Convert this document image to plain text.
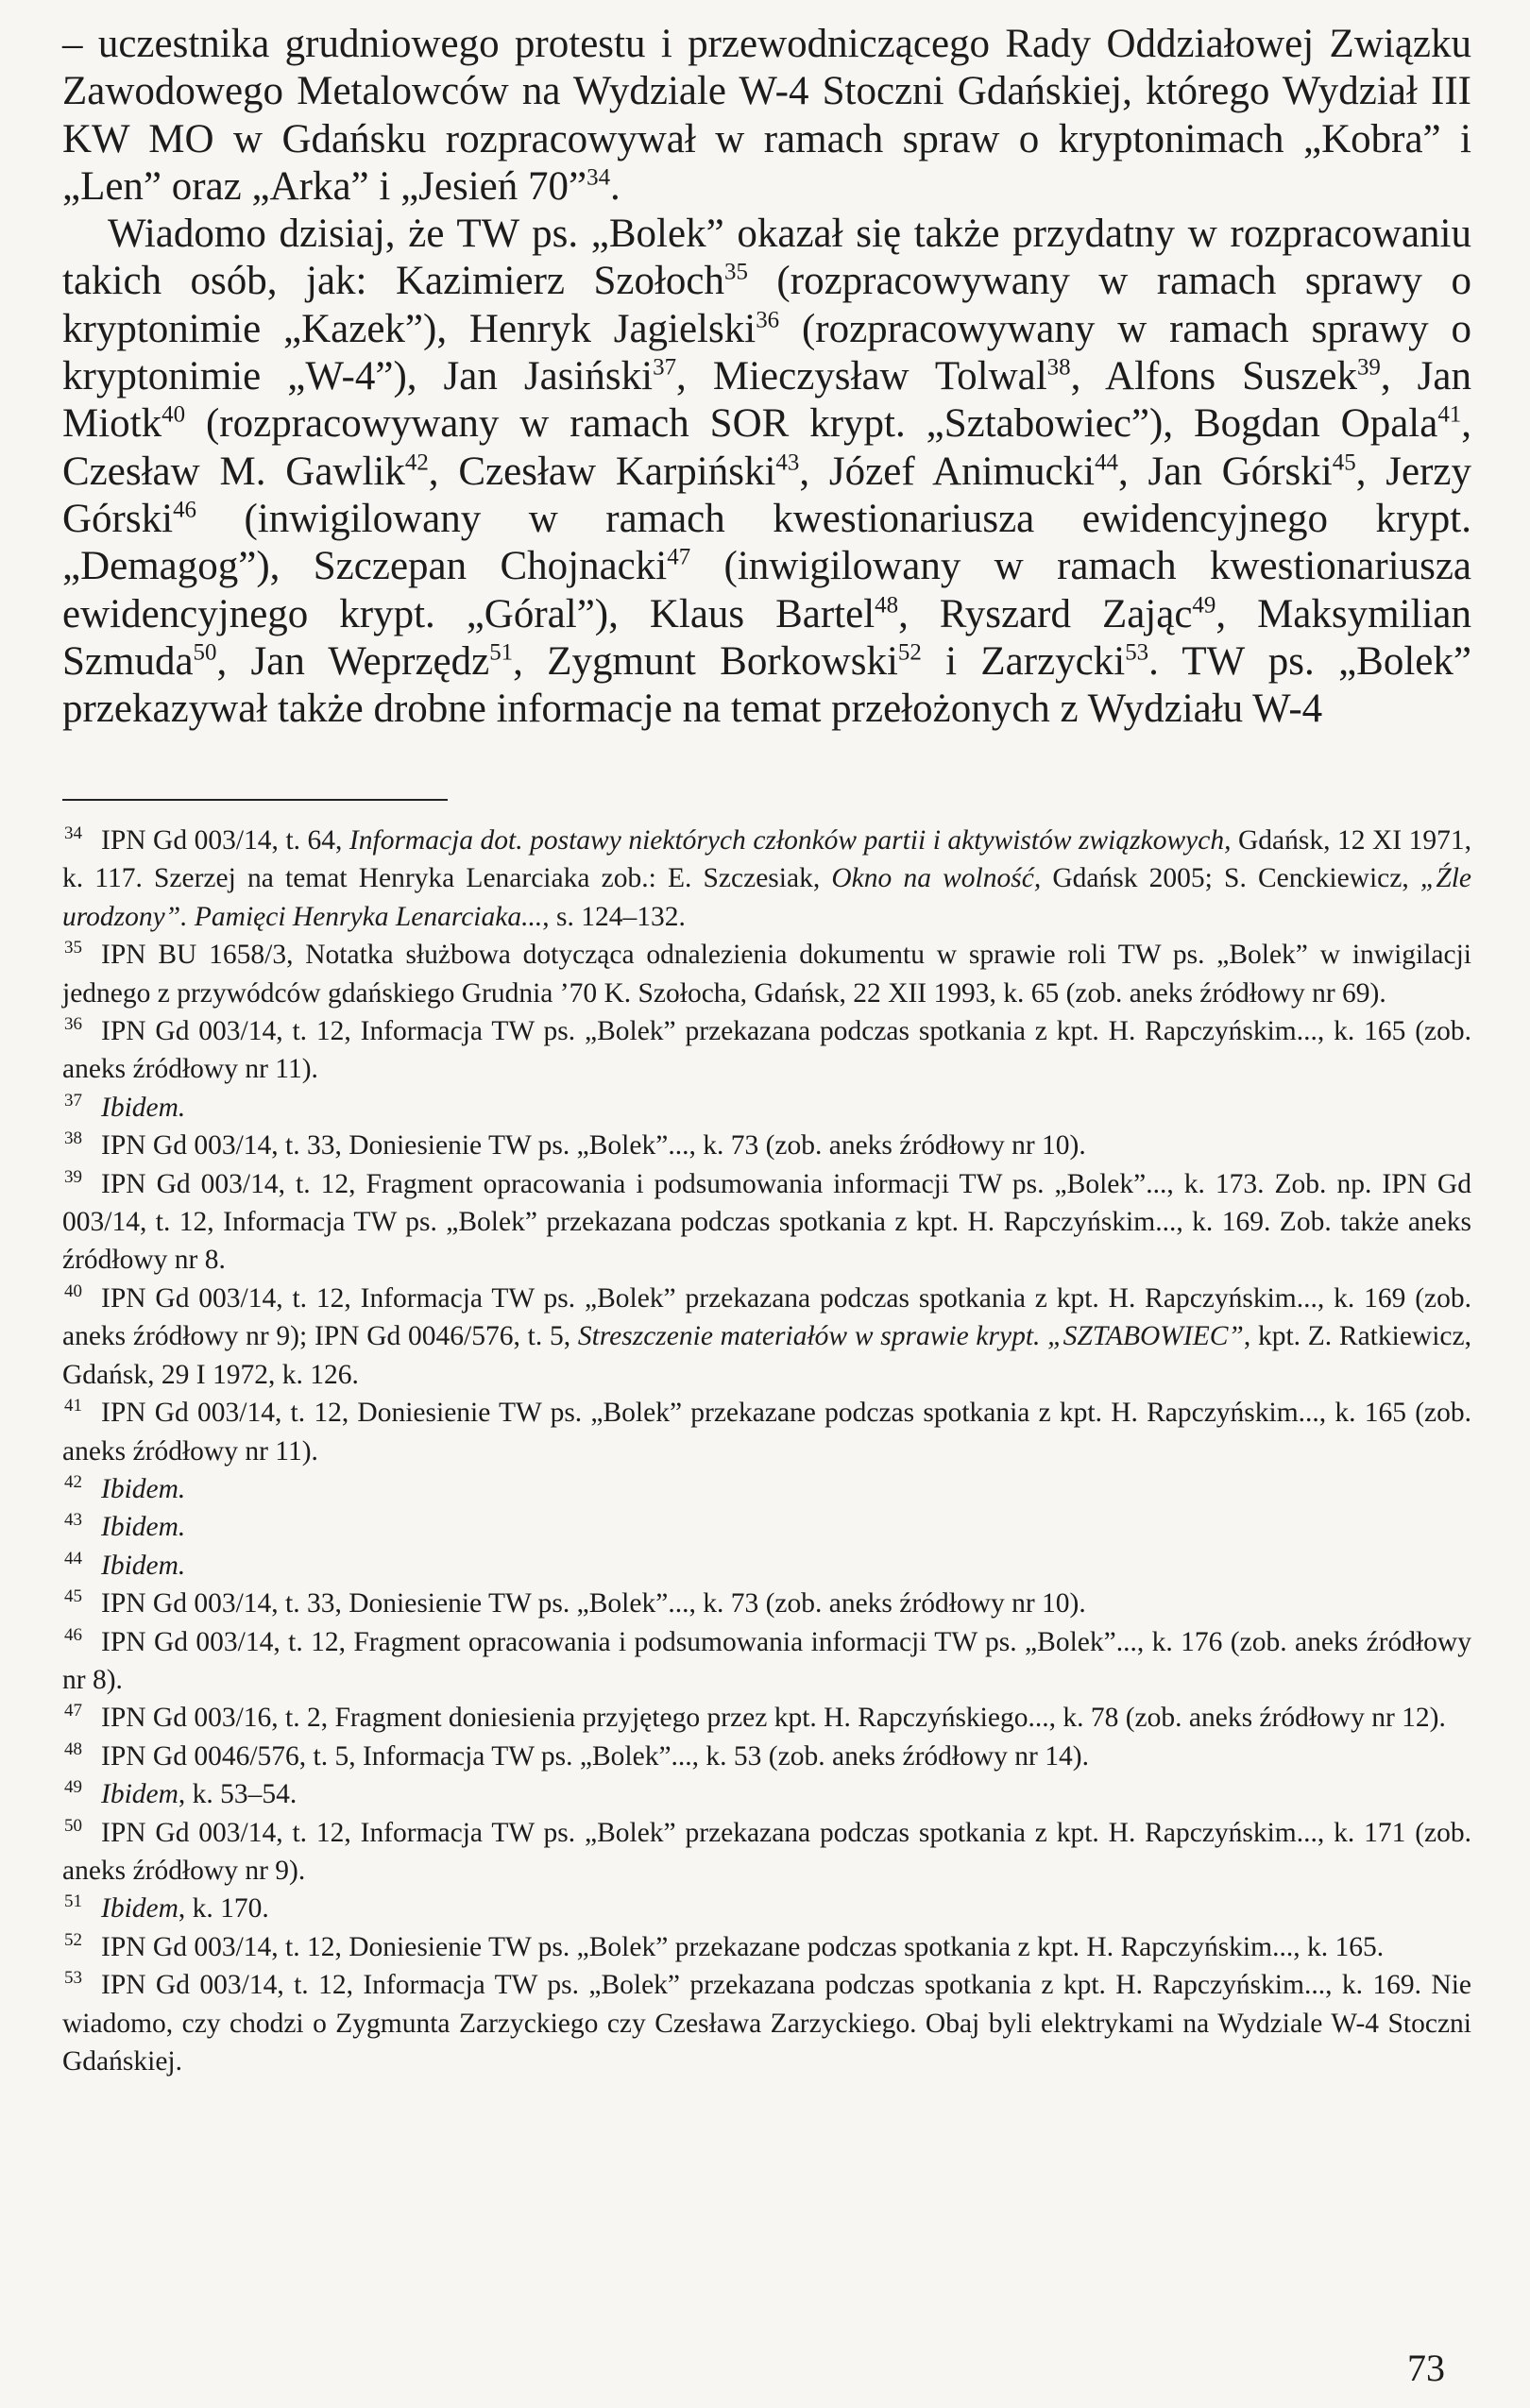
– uczestnika grudniowego protestu i przewodniczącego Rady Oddziałowej Związku Zawodowego Metalowców na Wydziale W-4 Stoczni Gdańskiej, którego Wydział III KW MO w Gdańsku rozpracowywał w ramach spraw o kryptonimach „Kobra” i „Len” oraz „Arka” i „Jesień 70”$^{34}$.

Wiadomo dzisiaj, że TW ps. „Bolek” okazał się także przydatny w rozpracowaniu takich osób, jak: Kazimierz Szołoch$^{35}$ (rozpracowywany w ramach sprawy o kryptonimie „Kazek”), Henryk Jagielski$^{36}$ (rozpracowywany w ramach sprawy o kryptonimie „W-4”), Jan Jasiński$^{37}$, Mieczysław Tolwal$^{38}$, Alfons Suszek$^{39}$, Jan Miotk$^{40}$ (rozpracowywany w ramach SOR krypt. „Sztabowiec”), Bogdan Opala$^{41}$, Czesław M. Gawlik$^{42}$, Czesław Karpiński$^{43}$, Józef Animucki$^{44}$, Jan Górski$^{45}$, Jerzy Górski$^{46}$ (inwigilowany w ramach kwestionariusza ewidencyjnego krypt. „Demagog”), Szczepan Chojnacki$^{47}$ (inwigilowany w ramach kwestionariusza ewidencyjnego krypt. „Góral”), Klaus Bartel$^{48}$, Ryszard Zając$^{49}$, Maksymilian Szmuda$^{50}$, Jan Weprzędz$^{51}$, Zygmunt Borkowski$^{52}$ i Zarzycki$^{53}$. TW ps. „Bolek” przekazywał także drobne informacje na temat przełożonych z Wydziału W-4

34 IPN Gd 003/14, t. 64, Informacja dot. postawy niektórych członków partii i aktywistów związkowych, Gdańsk, 12 XI 1971, k. 117. Szerzej na temat Henryka Lenarciaka zob.: E. Szczesiak, Okno na wolność, Gdańsk 2005; S. Cenckiewicz, „Źle urodzony”. Pamięci Henryka Lenarciaka..., s. 124–132.

35 IPN BU 1658/3, Notatka służbowa dotycząca odnalezienia dokumentu w sprawie roli TW ps. „Bolek” w inwigilacji jednego z przywódców gdańskiego Grudnia ’70 K. Szołocha, Gdańsk, 22 XII 1993, k. 65 (zob. aneks źródłowy nr 69).

36 IPN Gd 003/14, t. 12, Informacja TW ps. „Bolek” przekazana podczas spotkania z kpt. H. Rapczyńskim..., k. 165 (zob. aneks źródłowy nr 11).

37 Ibidem.

38 IPN Gd 003/14, t. 33, Doniesienie TW ps. „Bolek”..., k. 73 (zob. aneks źródłowy nr 10).

39 IPN Gd 003/14, t. 12, Fragment opracowania i podsumowania informacji TW ps. „Bolek”..., k. 173. Zob. np. IPN Gd 003/14, t. 12, Informacja TW ps. „Bolek” przekazana podczas spotkania z kpt. H. Rapczyńskim..., k. 169. Zob. także aneks źródłowy nr 8.

40 IPN Gd 003/14, t. 12, Informacja TW ps. „Bolek” przekazana podczas spotkania z kpt. H. Rapczyńskim..., k. 169 (zob. aneks źródłowy nr 9); IPN Gd 0046/576, t. 5, Streszczenie materiałów w sprawie krypt. „SZTABOWIEC”, kpt. Z. Ratkiewicz, Gdańsk, 29 I 1972, k. 126.

41 IPN Gd 003/14, t. 12, Doniesienie TW ps. „Bolek” przekazane podczas spotkania z kpt. H. Rapczyńskim..., k. 165 (zob. aneks źródłowy nr 11).

42 Ibidem.

43 Ibidem.

44 Ibidem.

45 IPN Gd 003/14, t. 33, Doniesienie TW ps. „Bolek”..., k. 73 (zob. aneks źródłowy nr 10).

46 IPN Gd 003/14, t. 12, Fragment opracowania i podsumowania informacji TW ps. „Bolek”..., k. 176 (zob. aneks źródłowy nr 8).

47 IPN Gd 003/16, t. 2, Fragment doniesienia przyjętego przez kpt. H. Rapczyńskiego..., k. 78 (zob. aneks źródłowy nr 12).

48 IPN Gd 0046/576, t. 5, Informacja TW ps. „Bolek”..., k. 53 (zob. aneks źródłowy nr 14).

49 Ibidem, k. 53–54.

50 IPN Gd 003/14, t. 12, Informacja TW ps. „Bolek” przekazana podczas spotkania z kpt. H. Rapczyńskim..., k. 171 (zob. aneks źródłowy nr 9).

51 Ibidem, k. 170.

52 IPN Gd 003/14, t. 12, Doniesienie TW ps. „Bolek” przekazane podczas spotkania z kpt. H. Rapczyńskim..., k. 165.

53 IPN Gd 003/14, t. 12, Informacja TW ps. „Bolek” przekazana podczas spotkania z kpt. H. Rapczyńskim..., k. 169. Nie wiadomo, czy chodzi o Zygmunta Zarzyckiego czy Czesława Zarzyckiego. Obaj byli elektrykami na Wydziale W-4 Stoczni Gdańskiej.

73
